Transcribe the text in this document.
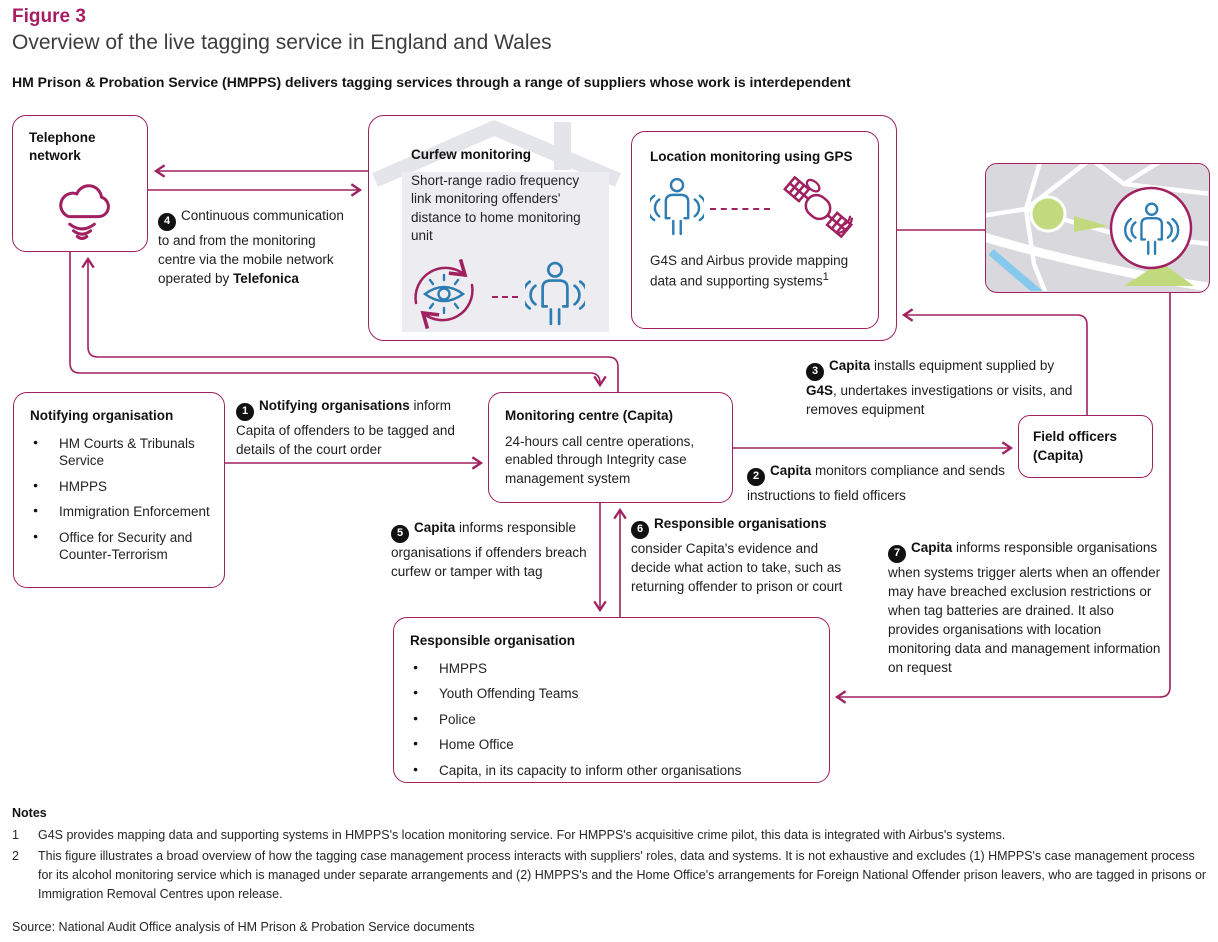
Figure 3
Overview of the live tagging service in England and Wales
HM Prison & Probation Service (HMPPS) delivers tagging services through a range of suppliers whose work is interdependent
Telephone network	Curfew monitoring
Short-range radio frequency link monitoring offenders' distance to home monitoring unit
Location monitoring using GPS
G4S and Airbus provide mapping data and supporting systems$^1$
Notifying organisation
● HM Courts & Tribunals Service
● HMPPS
● Immigration Enforcement
● Office for Security and Counter-Terrorism
Monitoring centre (Capita)
24-hours call centre operations, enabled through Integrity case management system
Field officers (Capita)
Responsible organisation
● HMPPS
● Youth Offending Teams
● Police
● Home Office
● Capita, in its capacity to inform other organisations
1 Notifying organisations inform Capita of offenders to be tagged and details of the court order
2 Capita monitors compliance and sends instructions to field officers
3 Capita installs equipment supplied by G4S, undertakes investigations or visits, and removes equipment
4 Continuous communication to and from the monitoring centre via the mobile network operated by Telefonica
5 Capita informs responsible organisations if offenders breach curfew or tamper with tag
6 Responsible organisations consider Capita's evidence and decide what action to take, such as returning offender to prison or court
7 Capita informs responsible organisations when systems trigger alerts when an offender may have breached exclusion restrictions or when tag batteries are drained. It also provides organisations with location monitoring data and management information on request
Notes
1	G4S provides mapping data and supporting systems in HMPPS's location monitoring service. For HMPPS's acquisitive crime pilot, this data is integrated with Airbus's systems.
2	This figure illustrates a broad overview of how the tagging case management process interacts with suppliers' roles, data and systems. It is not exhaustive and excludes (1) HMPPS's case management process for its alcohol monitoring service which is managed under separate arrangements and (2) HMPPS's and the Home Office's arrangements for Foreign National Offender prison leavers, who are tagged in prisons or Immigration Removal Centres upon release.
Source: National Audit Office analysis of HM Prison & Probation Service documents
